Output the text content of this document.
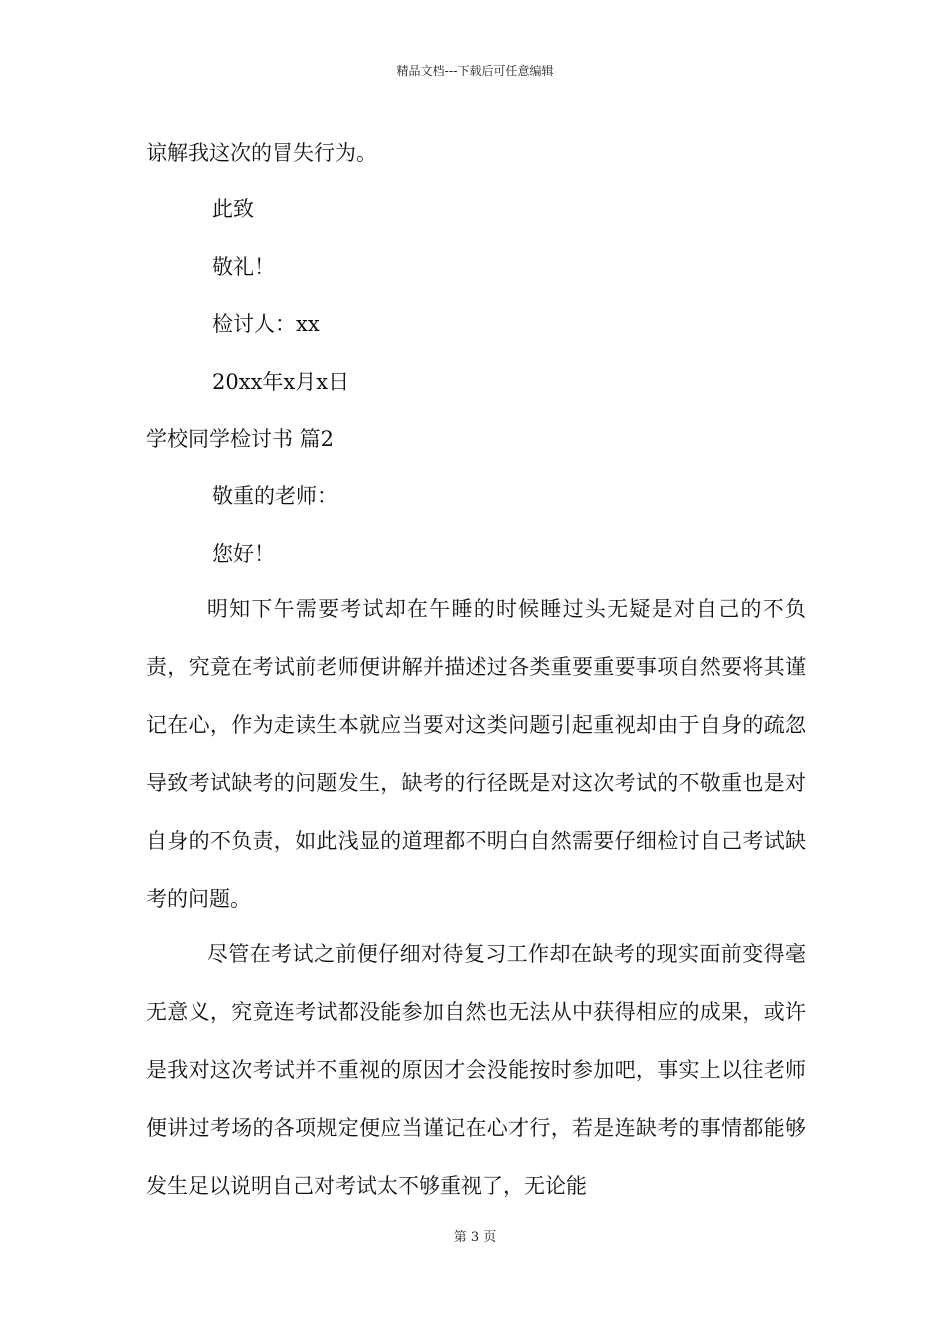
精品文档---下载后可任意编辑
谅解我这次的冒失行为。
此致
敬礼！
检讨人：xx
20xx年x月x日
学校同学检讨书 篇2
敬重的老师：
您好！

明知下午需要考试却在午睡的时候睡过头无疑是对自己的不负责，究竟在考试前老师便讲解并描述过各类重要重要事项自然要将其谨记在心，作为走读生本就应当要对这类问题引起重视却由于自身的疏忽导致考试缺考的问题发生，缺考的行径既是对这次考试的不敬重也是对自身的不负责，如此浅显的道理都不明白自然需要仔细检讨自己考试缺考的问题。

尽管在考试之前便仔细对待复习工作却在缺考的现实面前变得毫无意义，究竟连考试都没能参加自然也无法从中获得相应的成果，或许是我对这次考试并不重视的原因才会没能按时参加吧，事实上以往老师便讲过考场的各项规定便应当谨记在心才行，若是连缺考的事情都能够发生足以说明自己对考试太不够重视了，无论能

第 3 页
